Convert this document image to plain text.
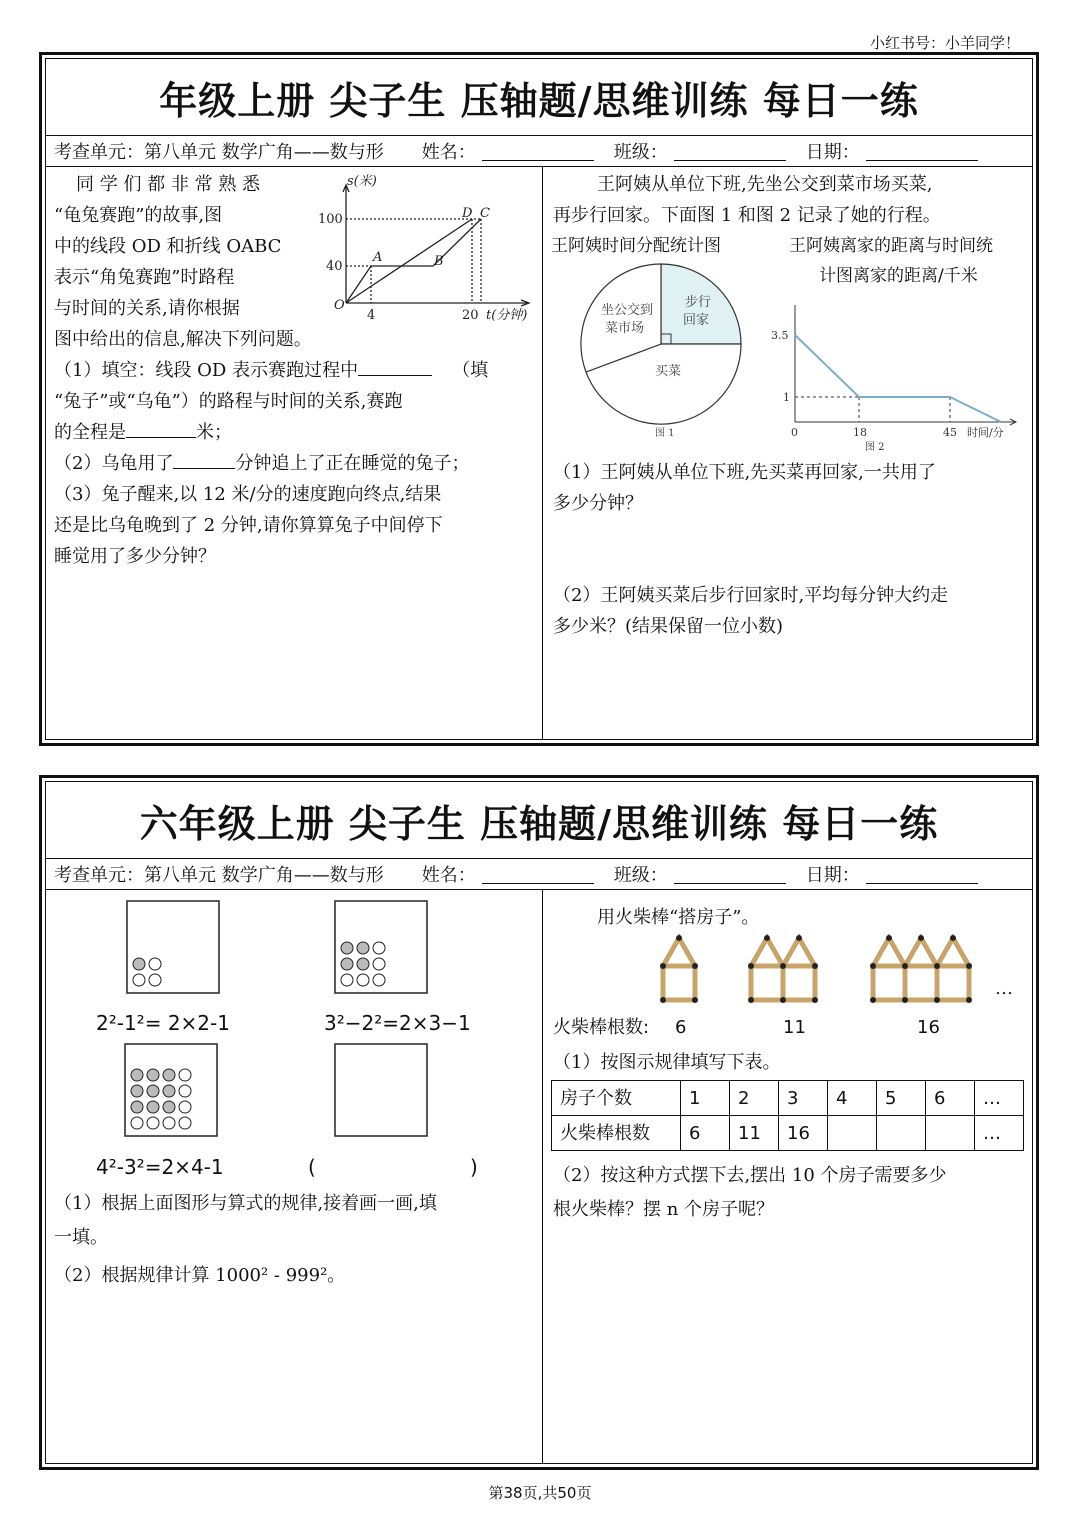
小红书号：小羊同学！
年级上册 尖子生 压轴题/思维训练 每日一练
考查单元：第八单元 数学广角——数与形 姓名：	班级：	日期：
同 学 们 都 非 常 熟 悉
“龟兔赛跑”的故事,图
中的线段 OD 和折线 OABC
表示“角兔赛跑”时路程
与时间的关系,请你根据
图中给出的信息,解决下列问题。
s(米)
t(分钟)
O
A	B
D C
100
40
4	20
（1）填空：线段 OD 表示赛跑过程中	（填
“兔子”或“乌龟”）的路程与时间的关系,赛跑
的全程是	米；
（2）乌龟用了	分钟追上了正在睡觉的兔子；
（3）兔子醒来,以 12 米/分的速度跑向终点,结果
还是比乌龟晚到了 2 分钟,请你算算兔子中间停下
睡觉用了多少分钟？
王阿姨从单位下班,先坐公交到菜市场买菜,
再步行回家。下面图 1 和图 2 记录了她的行程。
王阿姨时间分配统计图	王阿姨离家的距离与时间统
计图离家的距离/千米
坐公交到
菜市场
步行
回家
买菜
图 1
3.5
1
0	18	45 时间/分
图 2
（1）王阿姨从单位下班,先买菜再回家,一共用了
多少分钟？
（2）王阿姨买菜后步行回家时,平均每分钟大约走
多少米？(结果保留一位小数)
六年级上册 尖子生 压轴题/思维训练 每日一练
考查单元：第八单元 数学广角——数与形 姓名：	班级：	日期：
2²-1²= 2×2-1	3²−2²=2×3−1
4²-3²=2×4-1	(	)
（1）根据上面图形与算式的规律,接着画一画,填
一填。
（2）根据规律计算 1000² - 999²。
用火柴棒“搭房子”。
…
火柴棒根数: 6	11	16
（1）按图示规律填写下表。
房子个数	1	2	3	4	5	6	…
火柴棒根数	6	11	16				…
（2）按这种方式摆下去,摆出 10 个房子需要多少
根火柴棒？摆 n 个房子呢？
第38页,共50页
